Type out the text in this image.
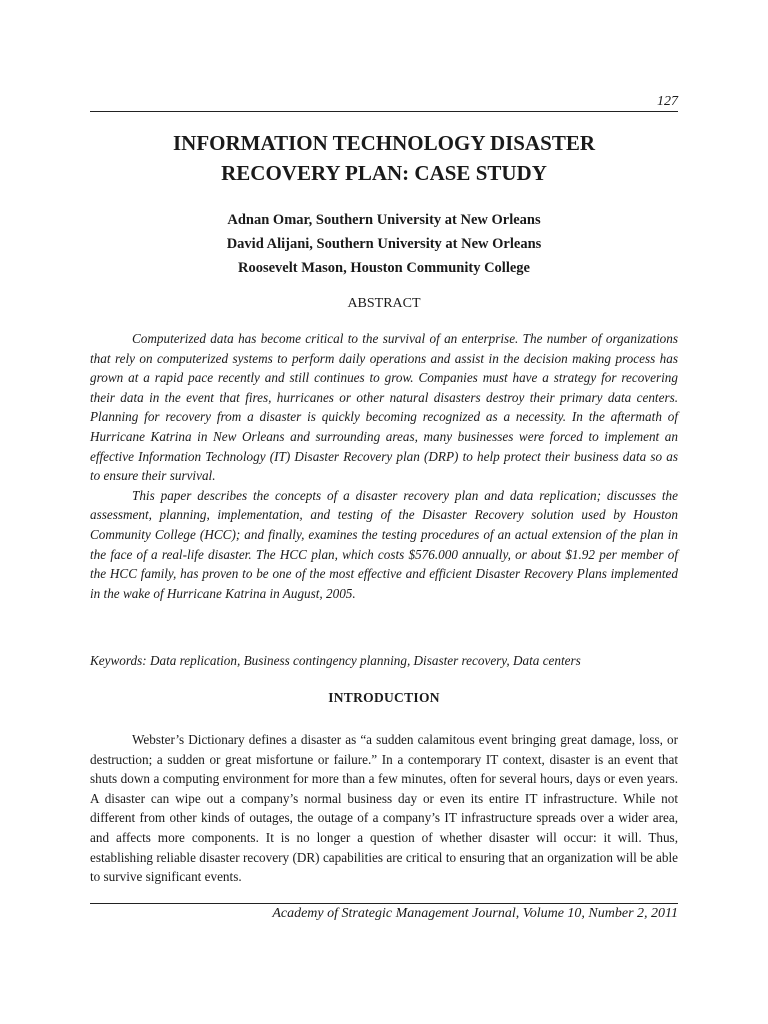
127
INFORMATION TECHNOLOGY DISASTER
RECOVERY PLAN: CASE STUDY
Adnan Omar, Southern University at New Orleans
David Alijani, Southern University at New Orleans
Roosevelt Mason, Houston Community College
ABSTRACT

Computerized data has become critical to the survival of an enterprise. The number of organizations that rely on computerized systems to perform daily operations and assist in the decision making process has grown at a rapid pace recently and still continues to grow. Companies must have a strategy for recovering their data in the event that fires, hurricanes or other natural disasters destroy their primary data centers. Planning for recovery from a disaster is quickly becoming recognized as a necessity. In the aftermath of Hurricane Katrina in New Orleans and surrounding areas, many businesses were forced to implement an effective Information Technology (IT) Disaster Recovery plan (DRP) to help protect their business data so as to ensure their survival.

This paper describes the concepts of a disaster recovery plan and data replication; discusses the assessment, planning, implementation, and testing of the Disaster Recovery solution used by Houston Community College (HCC); and finally, examines the testing procedures of an actual extension of the plan in the face of a real-life disaster. The HCC plan, which costs $576.000 annually, or about $1.92 per member of the HCC family, has proven to be one of the most effective and efficient Disaster Recovery Plans implemented in the wake of Hurricane Katrina in August, 2005.

Keywords: Data replication, Business contingency planning, Disaster recovery, Data centers
INTRODUCTION

Webster’s Dictionary defines a disaster as “a sudden calamitous event bringing great damage, loss, or destruction; a sudden or great misfortune or failure.” In a contemporary IT context, disaster is an event that shuts down a computing environment for more than a few minutes, often for several hours, days or even years. A disaster can wipe out a company’s normal business day or even its entire IT infrastructure. While not different from other kinds of outages, the outage of a company’s IT infrastructure spreads over a wider area, and affects more components. It is no longer a question of whether disaster will occur: it will. Thus, establishing reliable disaster recovery (DR) capabilities are critical to ensuring that an organization will be able to survive significant events.

Academy of Strategic Management Journal, Volume 10, Number 2, 2011
